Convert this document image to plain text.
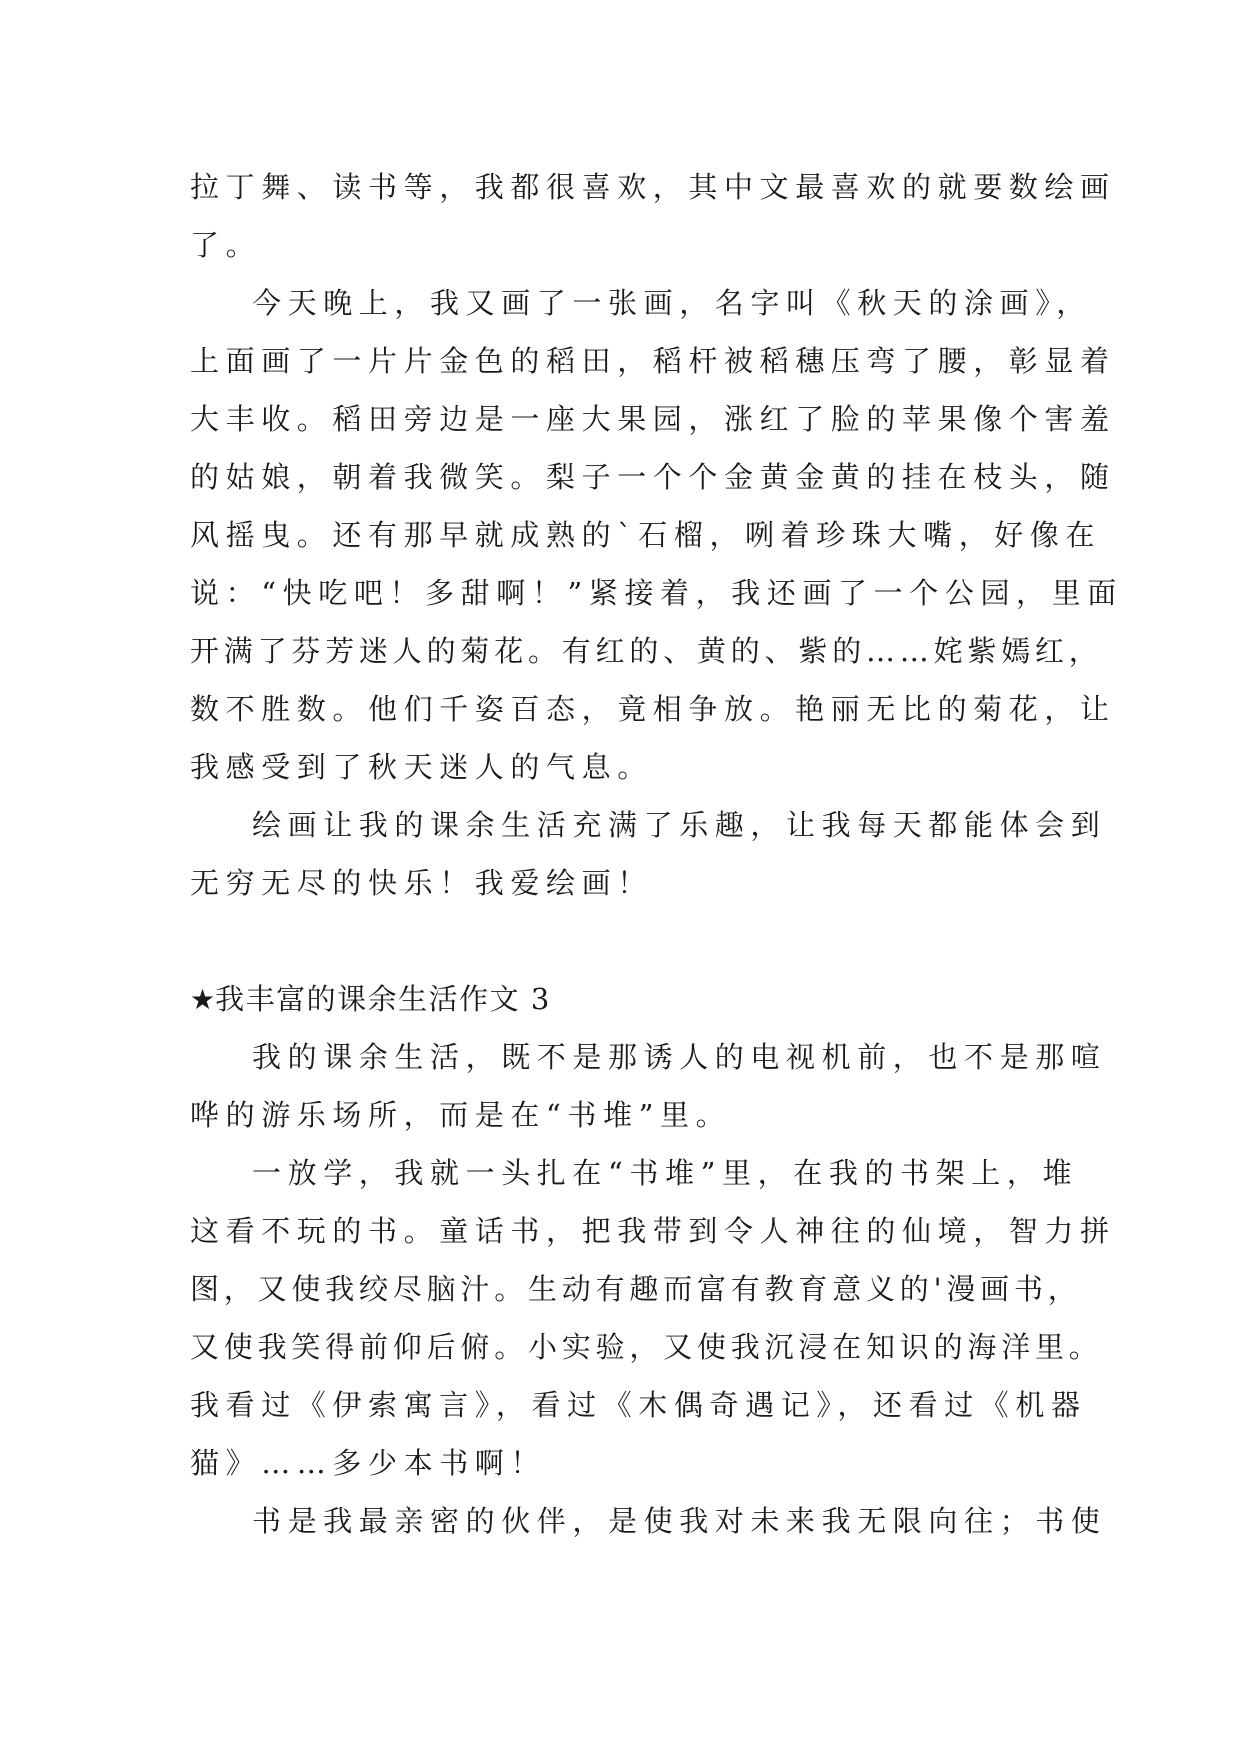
拉丁舞、读书等，我都很喜欢，其中文最喜欢的就要数绘画

了。

今天晚上，我又画了一张画，名字叫《秋天的涂画》，

上面画了一片片金色的稻田，稻杆被稻穗压弯了腰，彰显着

大丰收。稻田旁边是一座大果园，涨红了脸的苹果像个害羞

的姑娘，朝着我微笑。梨子一个个金黄金黄的挂在枝头，随

风摇曳。还有那早就成熟的`石榴，咧着珍珠大嘴，好像在

说：“快吃吧！多甜啊！”紧接着，我还画了一个公园，里面

开满了芬芳迷人的菊花。有红的、黄的、紫的……姹紫嫣红，

数不胜数。他们千姿百态，竟相争放。艳丽无比的菊花，让

我感受到了秋天迷人的气息。

绘画让我的课余生活充满了乐趣，让我每天都能体会到

无穷无尽的快乐！我爱绘画！

★我丰富的课余生活作文 3

我的课余生活，既不是那诱人的电视机前，也不是那喧

哗的游乐场所，而是在“书堆”里。

一放学，我就一头扎在“书堆”里，在我的书架上，堆

这看不玩的书。童话书，把我带到令人神往的仙境，智力拼

图，又使我绞尽脑汁。生动有趣而富有教育意义的'漫画书，

又使我笑得前仰后俯。小实验，又使我沉浸在知识的海洋里。

我看过《伊索寓言》，看过《木偶奇遇记》，还看过《机器

猫》……多少本书啊！

书是我最亲密的伙伴，是使我对未来我无限向往；书使
